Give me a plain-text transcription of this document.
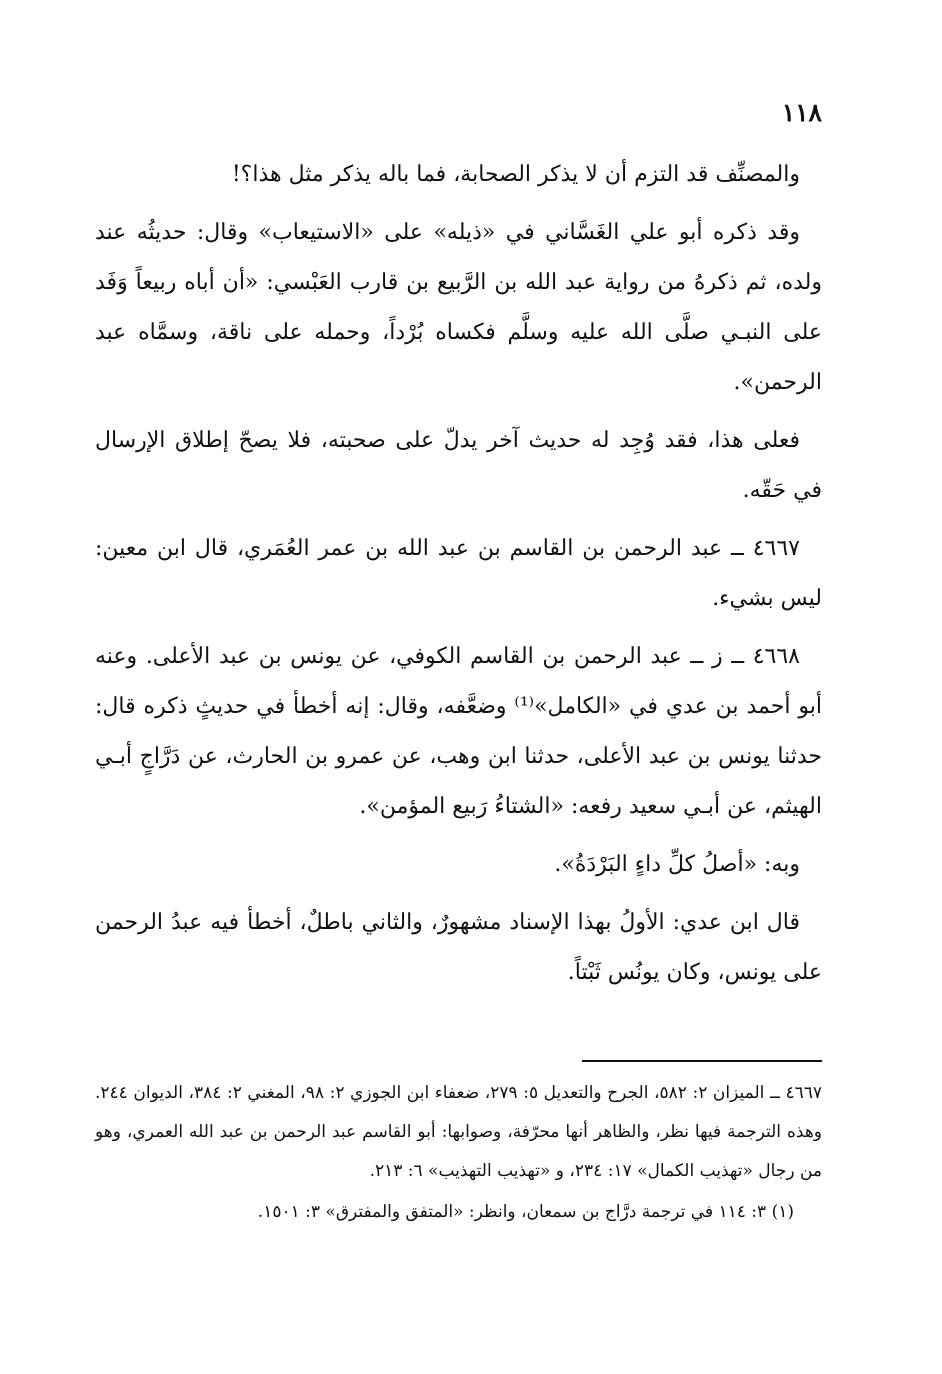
١١٨

والمصنِّف قد التزم أن لا يذكر الصحابة، فما باله يذكر مثل هذا؟!

وقد ذكره أبو علي الغَسَّاني في «ذيله» على «الاستيعاب» وقال: حديثُه عند ولده، ثم ذكرهُ من رواية عبد الله بن الرَّبيع بن قارب العَبْسي: «أن أباه ربيعاً وَفَد على النبـي صلَّى الله عليه وسلَّم فكساه بُرْداً، وحمله على ناقة، وسمَّاه عبد الرحمن».

فعلى هذا، فقد وُجِد له حديث آخر يدلّ على صحبته، فلا يصحّ إطلاق الإرسال في حَقّه.

٤٦٦٧ ــ عبد الرحمن بن القاسم بن عبد الله بن عمر العُمَري، قال ابن معين: ليس بشيء.

٤٦٦٨ ــ ز ــ عبد الرحمن بن القاسم الكوفي، عن يونس بن عبد الأعلى. وعنه أبو أحمد بن عدي في «الكامل»⁽¹⁾ وضعَّفه، وقال: إنه أخطأ في حديثٍ ذكره قال: حدثنا يونس بن عبد الأعلى، حدثنا ابن وهب، عن عمرو بن الحارث، عن دَرَّاجٍ أبـي الهيثم، عن أبـي سعيد رفعه: «الشتاءُ رَبيع المؤمن».

وبه: «أصلُ كلِّ داءٍ البَرْدَةُ».

قال ابن عدي: الأولُ بهذا الإسناد مشهورٌ، والثاني باطلٌ، أخطأ فيه عبدُ الرحمن على يونس، وكان يونُس ثَبْتاً.

٤٦٦٧ ــ الميزان ٢: ٥٨٢، الجرح والتعديل ٥: ٢٧٩، ضعفاء ابن الجوزي ٢: ٩٨، المغني ٢: ٣٨٤، الديوان ٢٤٤. وهذه الترجمة فيها نظر، والظاهر أنها محرّفة، وصوابها: أبو القاسم عبد الرحمن بن عبد الله العمري، وهو من رجال «تهذيب الكمال» ١٧: ٢٣٤، و «تهذيب التهذيب» ٦: ٢١٣.

(١) ٣: ١١٤ في ترجمة درَّاج بن سمعان، وانظر: «المتفق والمفترق» ٣: ١٥٠١.
